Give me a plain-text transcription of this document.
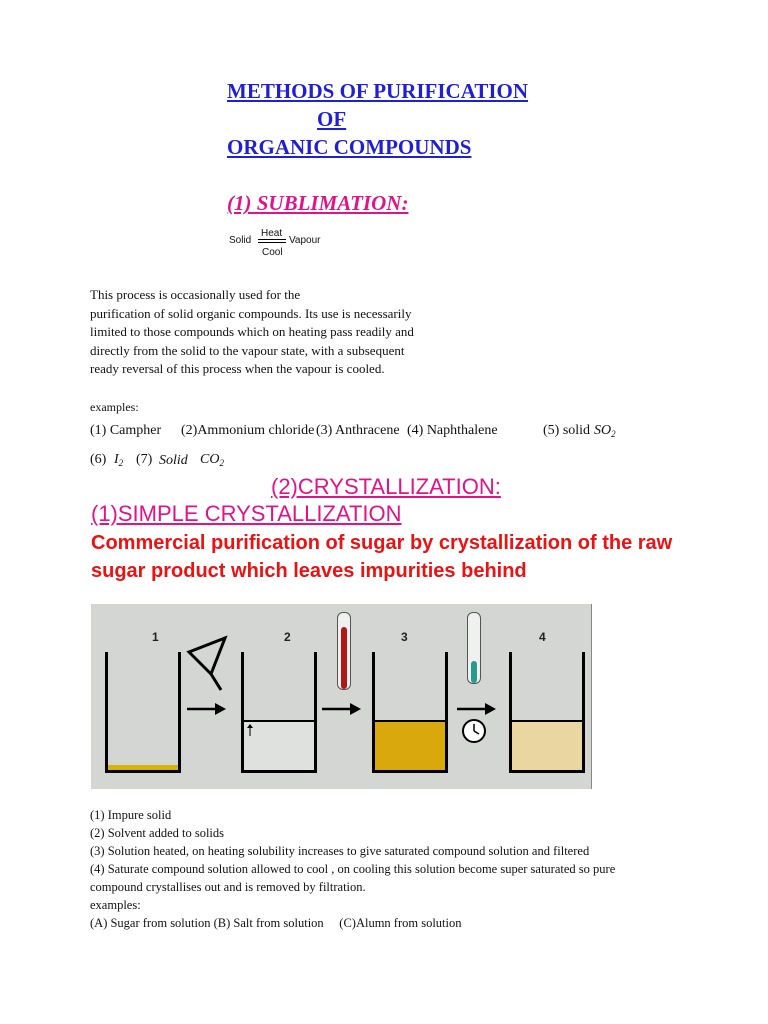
METHODS OF PURIFICATION
OF
ORGANIC COMPOUNDS
(1) SUBLIMATION:
Solid
Heat
Cool
Vapour
This process is occasionally used for the
purification of solid organic compounds. Its use is necessarily
limited to those compounds which on heating pass readily and
directly from the solid to the vapour state, with a subsequent
ready reversal of this process when the vapour is cooled.
examples:
(1) Campher (2)Ammonium chloride (3) Anthracene (4) Naphthalene	(5) solid $SO_2$
(6) $I_2$ (7) Solid $CO_2$
(2)CRYSTALLIZATION:
(1)SIMPLE CRYSTALLIZATION
Commercial purification of sugar by crystallization of the raw
sugar product which leaves impurities behind
1	2	3	4
(1) Impure solid
(2) Solvent added to solids
(3) Solution heated, on heating solubility increases to give saturated compound solution and filtered
(4) Saturate compound solution allowed to cool , on cooling this solution become super saturated so pure
compound crystallises out and is removed by filtration.
examples:
(A) Sugar from solution (B) Salt from solution     (C)Alumn from solution
